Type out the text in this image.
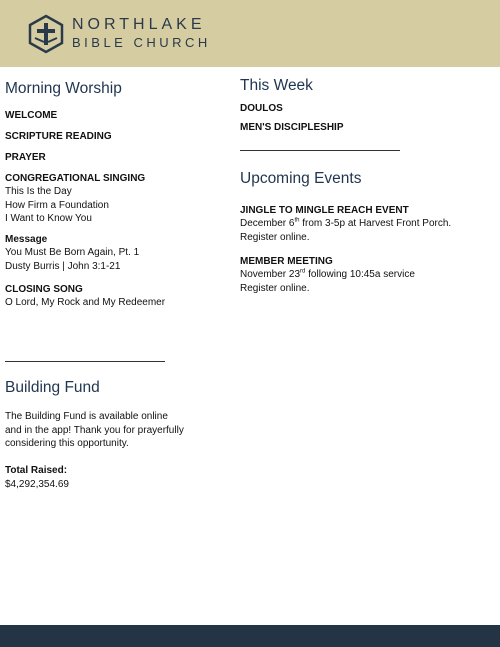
NORTHLAKE
BIBLE CHURCH
Morning Worship
WELCOME
SCRIPTURE READING
PRAYER
CONGREGATIONAL SINGING
This Is the Day
How Firm a Foundation
I Want to Know You
Message
You Must Be Born Again, Pt. 1
Dusty Burris | John 3:1-21
CLOSING SONG
O Lord, My Rock and My Redeemer
Building Fund
The Building Fund is available online
and in the app! Thank you for prayerfully
considering this opportunity.
Total Raised:
$4,292,354.69
This Week
DOULOS
MEN'S DISCIPLESHIP
Upcoming Events
JINGLE TO MINGLE REACH EVENT
December 6th from 3-5p at Harvest Front Porch.
Register online.
MEMBER MEETING
November 23rd following 10:45a service
Register online.
